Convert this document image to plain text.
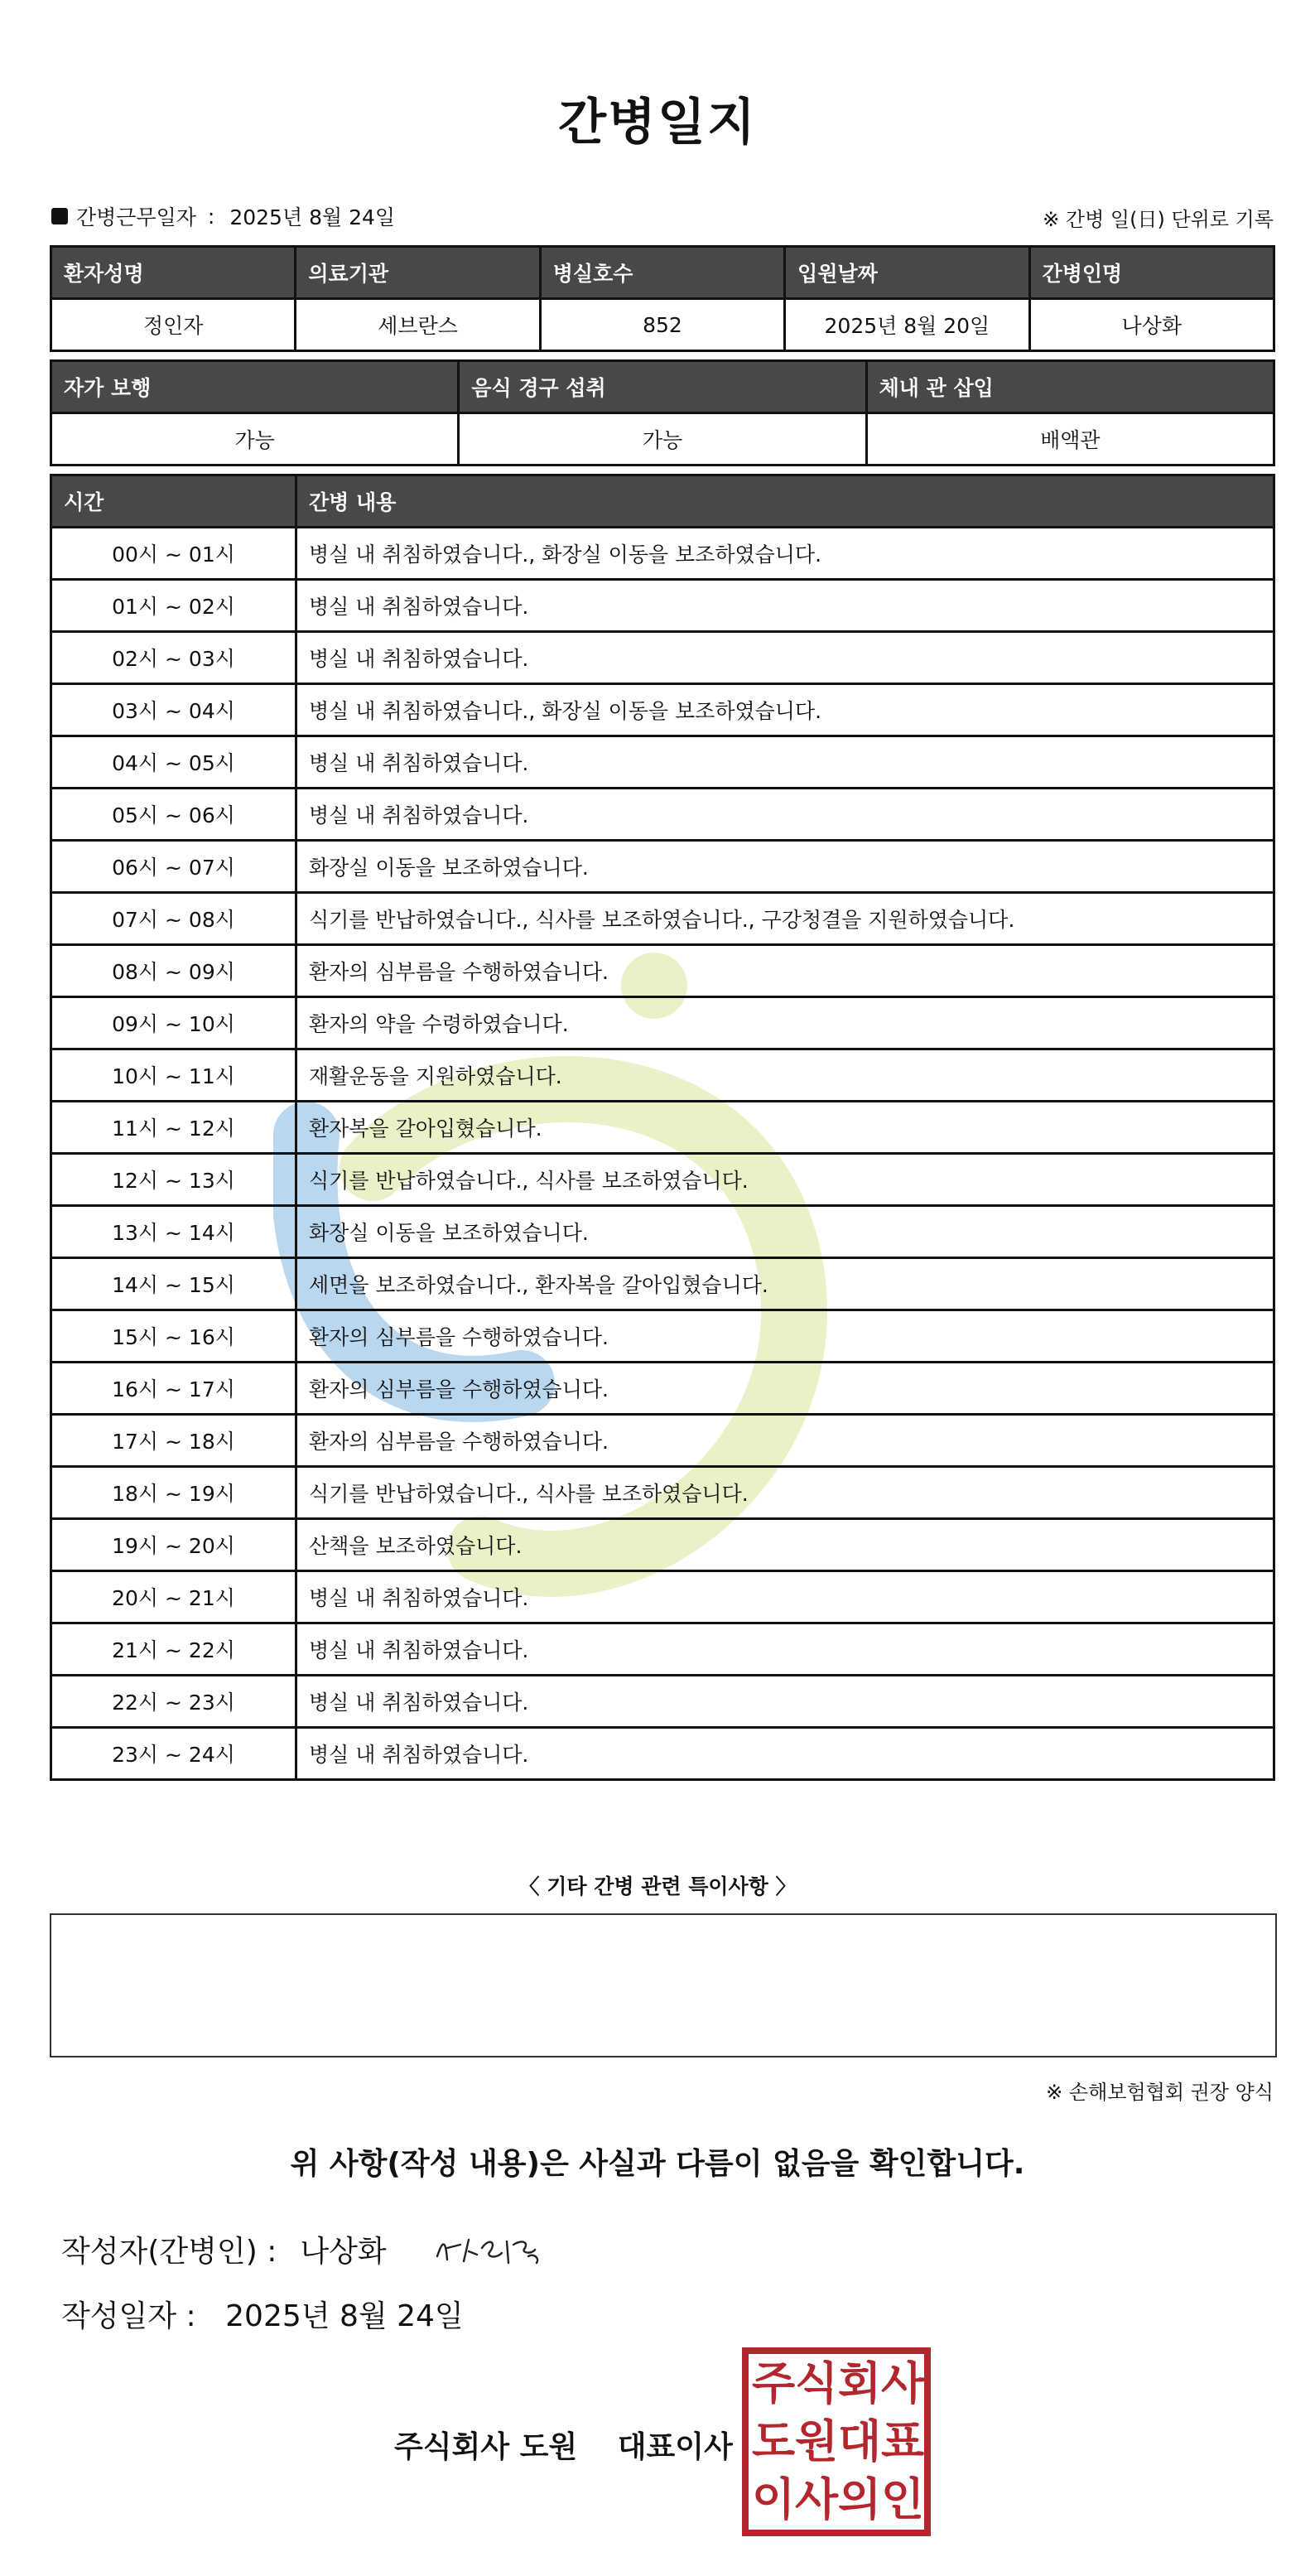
간병일지
간병근무일자 : 2025년 8월 24일	※ 간병 일(日) 단위로 기록
환자성명	의료기관	병실호수	입원날짜	간병인명
정인자	세브란스	852	2025년 8월 20일	나상화
자가 보행	음식 경구 섭취	체내 관 삽입
가능	가능	배액관
시간	간병 내용
00시 ~ 01시	병실 내 취침하였습니다., 화장실 이동을 보조하였습니다.
01시 ~ 02시	병실 내 취침하였습니다.
02시 ~ 03시	병실 내 취침하였습니다.
03시 ~ 04시	병실 내 취침하였습니다., 화장실 이동을 보조하였습니다.
04시 ~ 05시	병실 내 취침하였습니다.
05시 ~ 06시	병실 내 취침하였습니다.
06시 ~ 07시	화장실 이동을 보조하였습니다.
07시 ~ 08시	식기를 반납하였습니다., 식사를 보조하였습니다., 구강청결을 지원하였습니다.
08시 ~ 09시	환자의 심부름을 수행하였습니다.
09시 ~ 10시	환자의 약을 수령하였습니다.
10시 ~ 11시	재활운동을 지원하였습니다.
11시 ~ 12시	환자복을 갈아입혔습니다.
12시 ~ 13시	식기를 반납하였습니다., 식사를 보조하였습니다.
13시 ~ 14시	화장실 이동을 보조하였습니다.
14시 ~ 15시	세면을 보조하였습니다., 환자복을 갈아입혔습니다.
15시 ~ 16시	환자의 심부름을 수행하였습니다.
16시 ~ 17시	환자의 심부름을 수행하였습니다.
17시 ~ 18시	환자의 심부름을 수행하였습니다.
18시 ~ 19시	식기를 반납하였습니다., 식사를 보조하였습니다.
19시 ~ 20시	산책을 보조하였습니다.
20시 ~ 21시	병실 내 취침하였습니다.
21시 ~ 22시	병실 내 취침하였습니다.
22시 ~ 23시	병실 내 취침하였습니다.
23시 ~ 24시	병실 내 취침하였습니다.
〈 기타 간병 관련 특이사항 〉
※ 손해보험협회 권장 양식
위 사항(작성 내용)은 사실과 다름이 없음을 확인합니다.
작성자(간병인) : 나상화
작성일자 : 2025년 8월 24일
주식회사 도원 대표이사
주 식 회 사
도 원 대 표
이 사 의 인
